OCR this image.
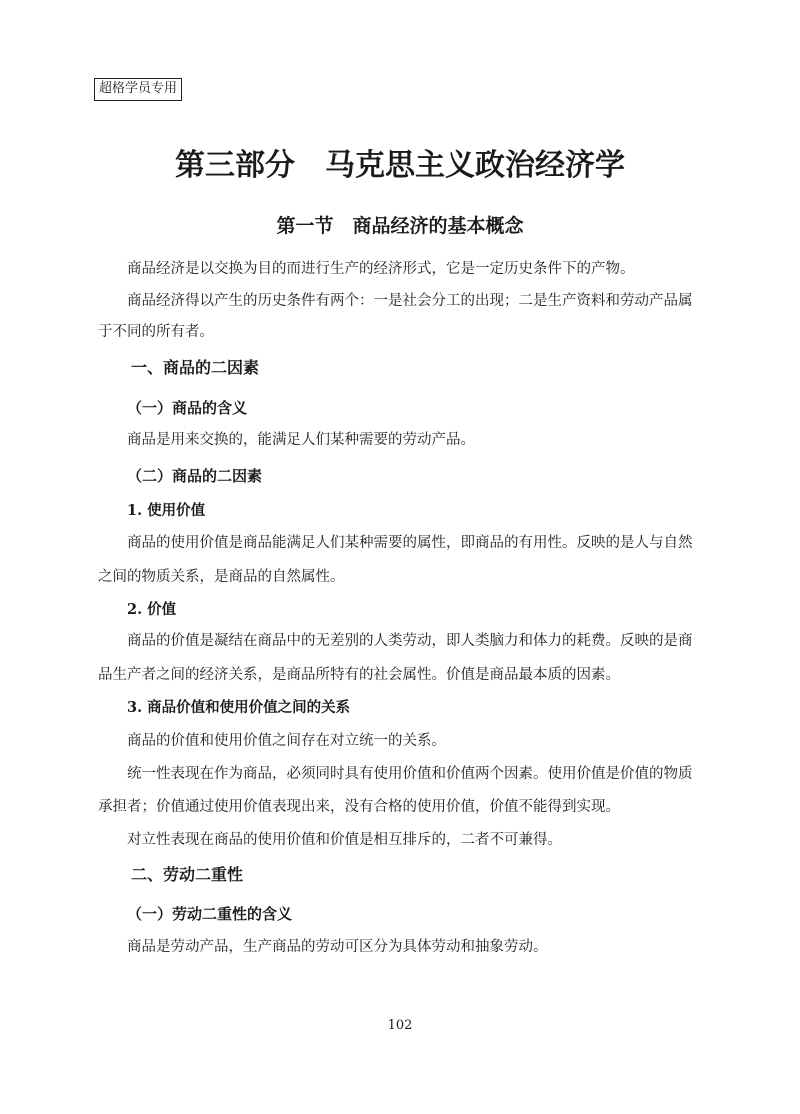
超格学员专用
第三部分　马克思主义政治经济学
第一节　商品经济的基本概念
商品经济是以交换为目的而进行生产的经济形式，它是一定历史条件下的产物。
商品经济得以产生的历史条件有两个：一是社会分工的出现；二是生产资料和劳动产品属
于不同的所有者。
一、商品的二因素
（一）商品的含义
商品是用来交换的，能满足人们某种需要的劳动产品。
（二）商品的二因素
1. 使用价值
商品的使用价值是商品能满足人们某种需要的属性，即商品的有用性。反映的是人与自然
之间的物质关系，是商品的自然属性。
2. 价值
商品的价值是凝结在商品中的无差别的人类劳动，即人类脑力和体力的耗费。反映的是商
品生产者之间的经济关系，是商品所特有的社会属性。价值是商品最本质的因素。
3. 商品价值和使用价值之间的关系
商品的价值和使用价值之间存在对立统一的关系。
统一性表现在作为商品，必须同时具有使用价值和价值两个因素。使用价值是价值的物质
承担者；价值通过使用价值表现出来，没有合格的使用价值，价值不能得到实现。
对立性表现在商品的使用价值和价值是相互排斥的，二者不可兼得。
二、劳动二重性
（一）劳动二重性的含义
商品是劳动产品，生产商品的劳动可区分为具体劳动和抽象劳动。
102
